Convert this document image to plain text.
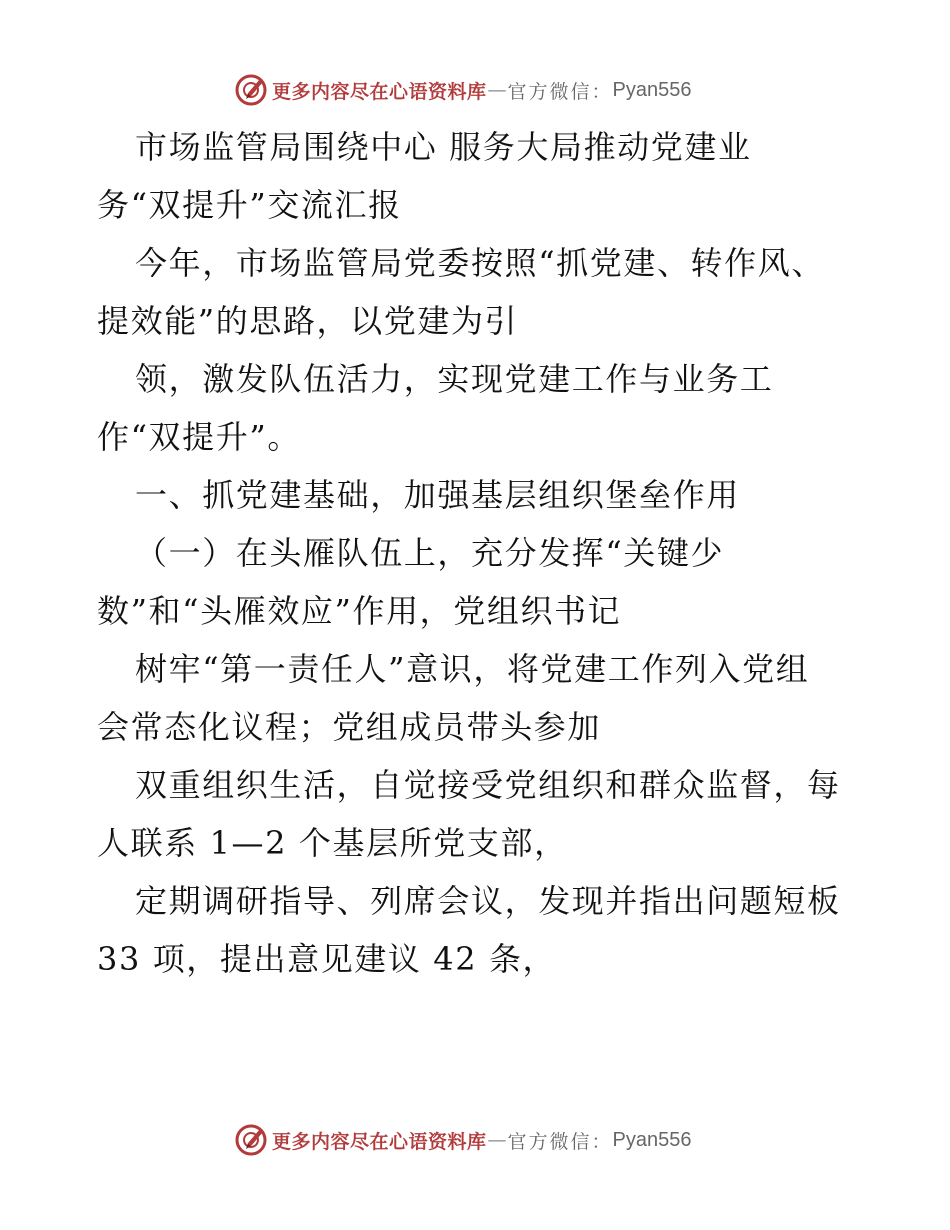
更多内容尽在心语资料库 — 官方微信： Pyan556
市场监管局围绕中心 服务大局推动党建业
务“双提升”交流汇报
今年，市场监管局党委按照“抓党建、转作风、
提效能”的思路，以党建为引
领，激发队伍活力，实现党建工作与业务工
作“双提升”。
一、抓党建基础，加强基层组织堡垒作用
（一）在头雁队伍上，充分发挥“关键少
数”和“头雁效应”作用，党组织书记
树牢“第一责任人”意识，将党建工作列入党组
会常态化议程；党组成员带头参加
双重组织生活，自觉接受党组织和群众监督，每
人联系 1—2 个基层所党支部，
定期调研指导、列席会议，发现并指出问题短板
33 项，提出意见建议 42 条，
更多内容尽在心语资料库 — 官方微信： Pyan556
